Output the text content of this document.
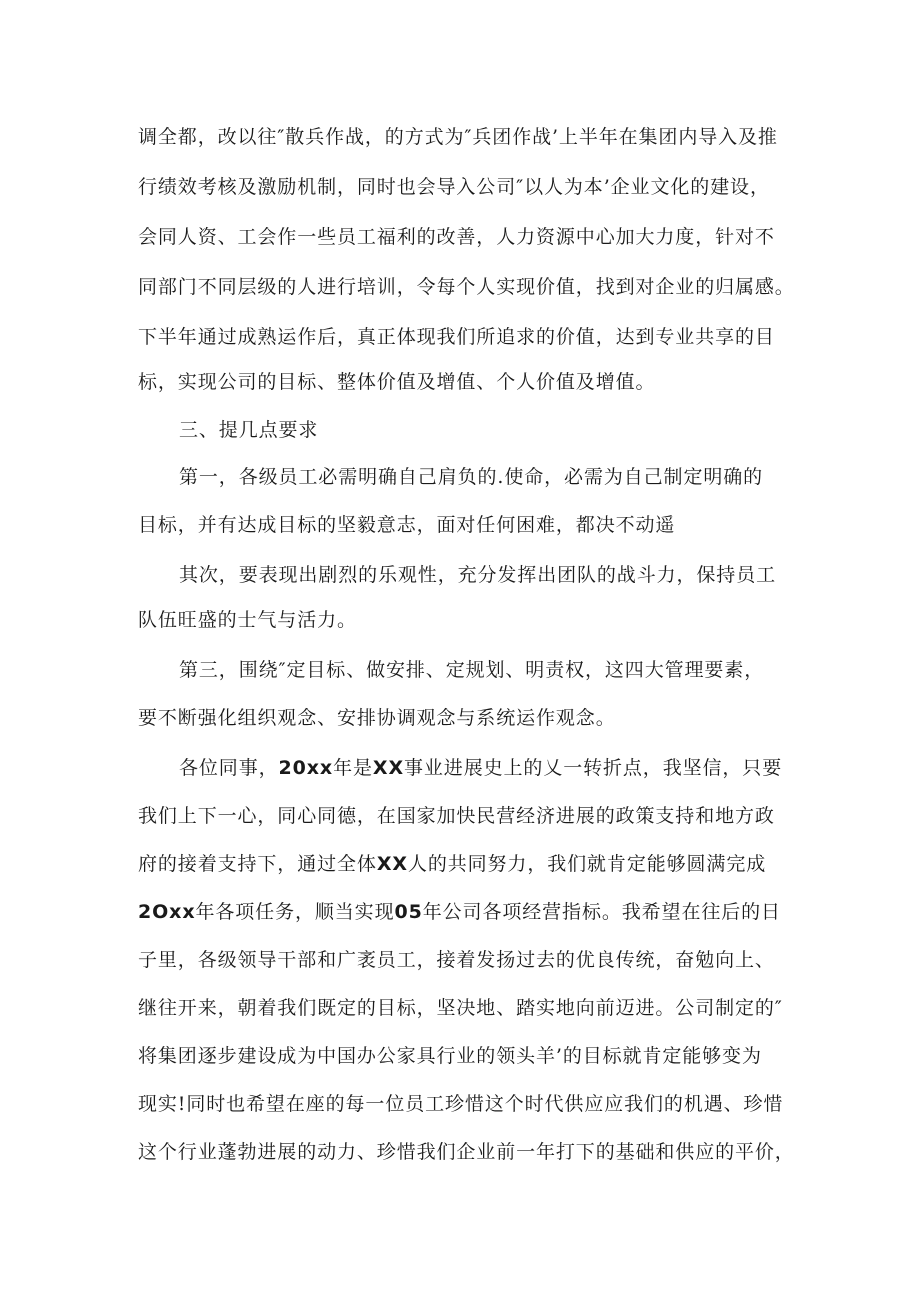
调全都，改以往″散兵作战，的方式为″兵团作战’上半年在集团内导入及推
行绩效考核及激励机制，同时也会导入公司″以人为本’企业文化的建设，
会同人资、工会作一些员工福利的改善，人力资源中心加大力度，针对不
同部门不同层级的人进行培训，令每个人实现价值，找到对企业的归属感。
下半年通过成熟运作后，真正体现我们所追求的价值，达到专业共享的目
标，实现公司的目标、整体价值及增值、个人价值及增值。
三、提几点要求
第一，各级员工必需明确自己肩负的.使命，必需为自己制定明确的
目标，并有达成目标的坚毅意志，面对任何困难，都决不动遥
其次，要表现出剧烈的乐观性，充分发挥出团队的战斗力，保持员工
队伍旺盛的士气与活力。
第三，围绕″定目标、做安排、定规划、明责权，这四大管理要素，
要不断强化组织观念、安排协调观念与系统运作观念。
各位同事，20xx年是XX事业进展史上的乂一转折点，我坚信，只要
我们上下一心，同心同德，在国家加快民营经济进展的政策支持和地方政
府的接着支持下，通过全体XX人的共同努力，我们就肯定能够圆满完成
2Oxx年各项任务，顺当实现05年公司各项经营指标。我希望在往后的日
子里，各级领导干部和广袤员工，接着发扬过去的优良传统，奋勉向上、
继往开来，朝着我们既定的目标，坚决地、踏实地向前迈进。公司制定的″
将集团逐步建设成为中国办公家具行业的领头羊’的目标就肯定能够变为
现实!同时也希望在座的每一位员工珍惜这个时代供应应我们的机遇、珍惜
这个行业蓬勃进展的动力、珍惜我们企业前一年打下的基础和供应的平价，
